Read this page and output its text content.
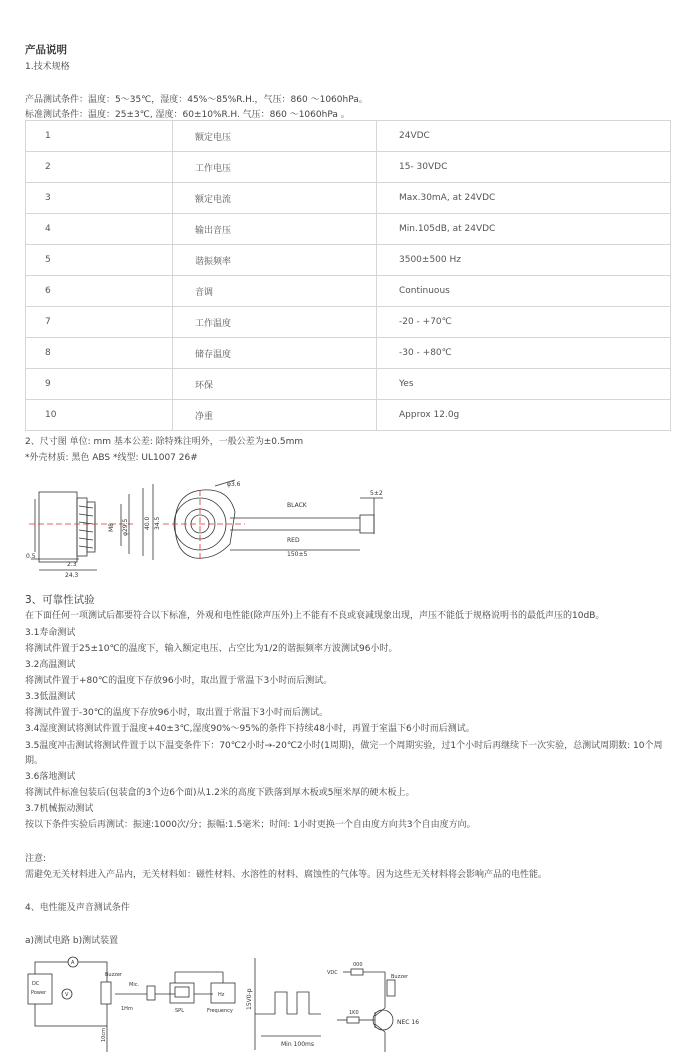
产品说明
1.技术规格
产品测试条件：温度：5～35℃，湿度：45%～85%R.H.，气压：860 ～1060hPa。
标准测试条件：温度：25±3℃, 湿度：60±10%R.H. 气压：860 ～1060hPa 。
1	额定电压	24VDC
2	工作电压	15- 30VDC
3	额定电流	Max.30mA, at 24VDC
4	输出音压	Min.105dB, at 24VDC
5	谐振频率	3500±500 Hz
6	音调	Continuous
7	工作温度	-20 - +70℃
8	储存温度	-30 - +80℃
9	环保	Yes
10	净重	Approx 12.0g
2、尺寸图 单位: mm 基本公差: 除特殊注明外，一般公差为±0.5mm
*外壳材质: 黑色 ABS *线型: UL1007 26#
0.5
2.3
24.3
M8 φ29.5	40.0 34.5
φ3.6
BLACK
RED
150±5
5±2
3、可靠性试验
在下面任何一项测试后都要符合以下标准，外观和电性能(除声压外)上不能有不良或衰减现象出现，声压不能低于规格说明书的最低声压的10dB。
3.1寿命测试
将测试件置于25±10℃的温度下，输入额定电压、占空比为1/2的谐振频率方波测试96小时。
3.2高温测试
将测试件置于+80℃的温度下存放96小时，取出置于常温下3小时而后测试。
3.3低温测试
将测试件置于-30℃的温度下存放96小时，取出置于常温下3小时而后测试。
3.4湿度测试将测试件置于温度+40±3℃,湿度90%～95%的条件下持续48小时，再置于室温下6小时而后测试。
3.5温度冲击测试将测试件置于以下温变条件下：70℃2小时→-20℃2小时(1周期)，做完一个周期实验，过1个小时后再继续下一次实验，总测试周期数: 10个周
期。
3.6落地测试
将测试件标准包装后(包装盒的3个边6个面)从1.2米的高度下跌落到厚木板或5厘米厚的硬木板上。
3.7机械振动测试
按以下条件实验后再测试：振速:1000次/分；振幅:1.5毫米；时间: 1小时更换一个自由度方向共3个自由度方向。
注意:
需避免无关材料进入产品内，无关材料如：磁性材料、水溶性的材料、腐蚀性的气体等。因为这些无关材料将会影响产品的电性能。
4、电性能及声音测试条件
a)测试电路 b)测试装置
DC
Power
A
V
Buzzer
10cm
Mic.
1Hm	SPL
Hz
Frequency
15V0-p
Min 100ms
VDC
000
1K0
NEC 16
Buzzer
